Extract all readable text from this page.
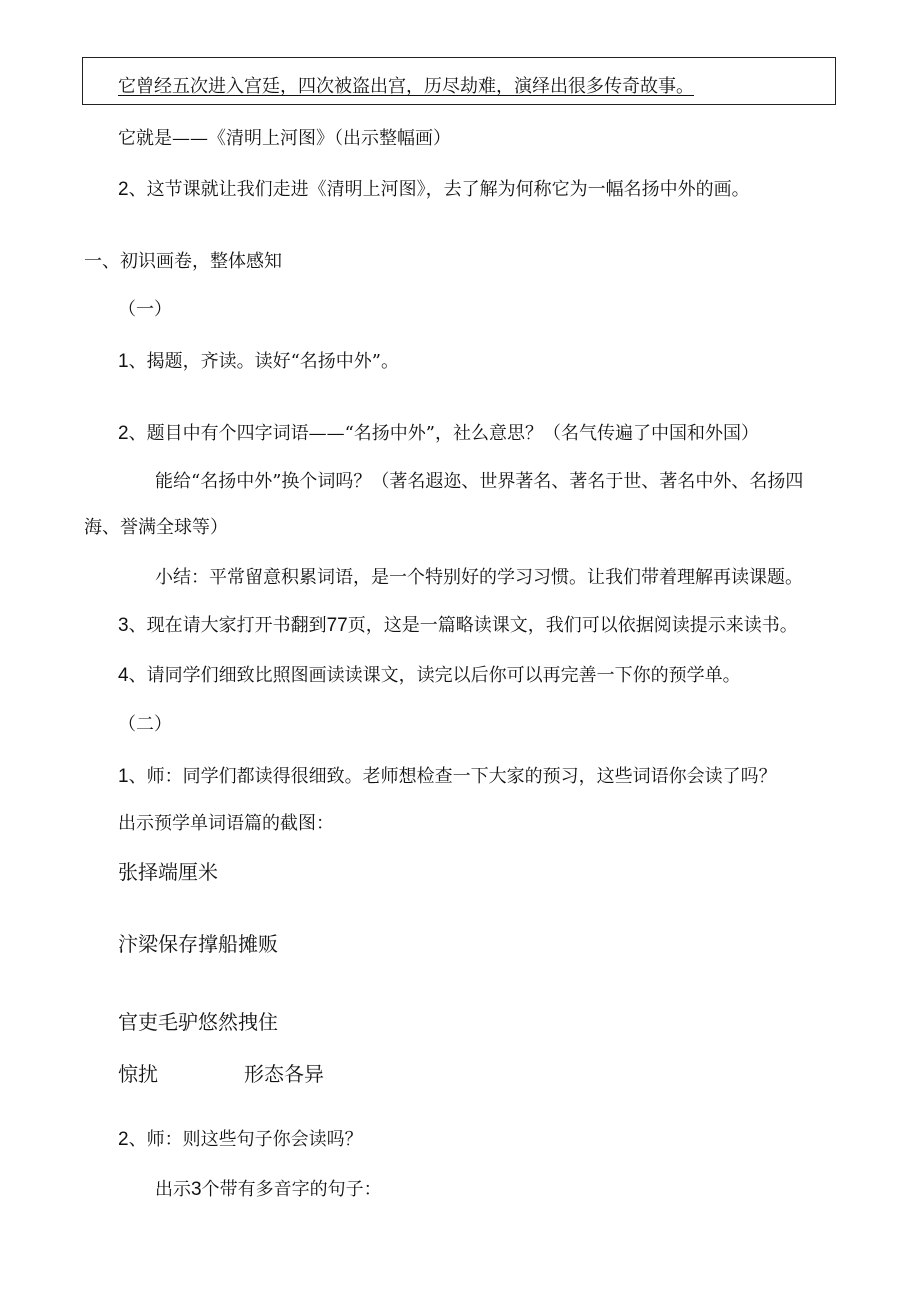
它曾经五次进入宫廷，四次被盗出宫，历尽劫难，演绎出很多传奇故事。
它就是——《清明上河图》（出示整幅画）
2、这节课就让我们走进《清明上河图》，去了解为何称它为一幅名扬中外的画。
一、初识画卷，整体感知
（一）
1、揭题，齐读。读好“名扬中外”。
2、题目中有个四字词语——“名扬中外”，社么意思？（名气传遍了中国和外国）
能给“名扬中外”换个词吗？（著名遐迩、世界著名、著名于世、著名中外、名扬四
海、誉满全球等）
小结：平常留意积累词语，是一个特别好的学习习惯。让我们带着理解再读课题。
3、现在请大家打开书翻到77页，这是一篇略读课文，我们可以依据阅读提示来读书。
4、请同学们细致比照图画读读课文，读完以后你可以再完善一下你的预学单。
（二）
1、师：同学们都读得很细致。老师想检查一下大家的预习，这些词语你会读了吗？
出示预学单词语篇的截图：
张择端厘米
汴梁保存撑船摊贩
官吏毛驴悠然拽住
惊扰	形态各异
2、师：则这些句子你会读吗？
出示3个带有多音字的句子：
